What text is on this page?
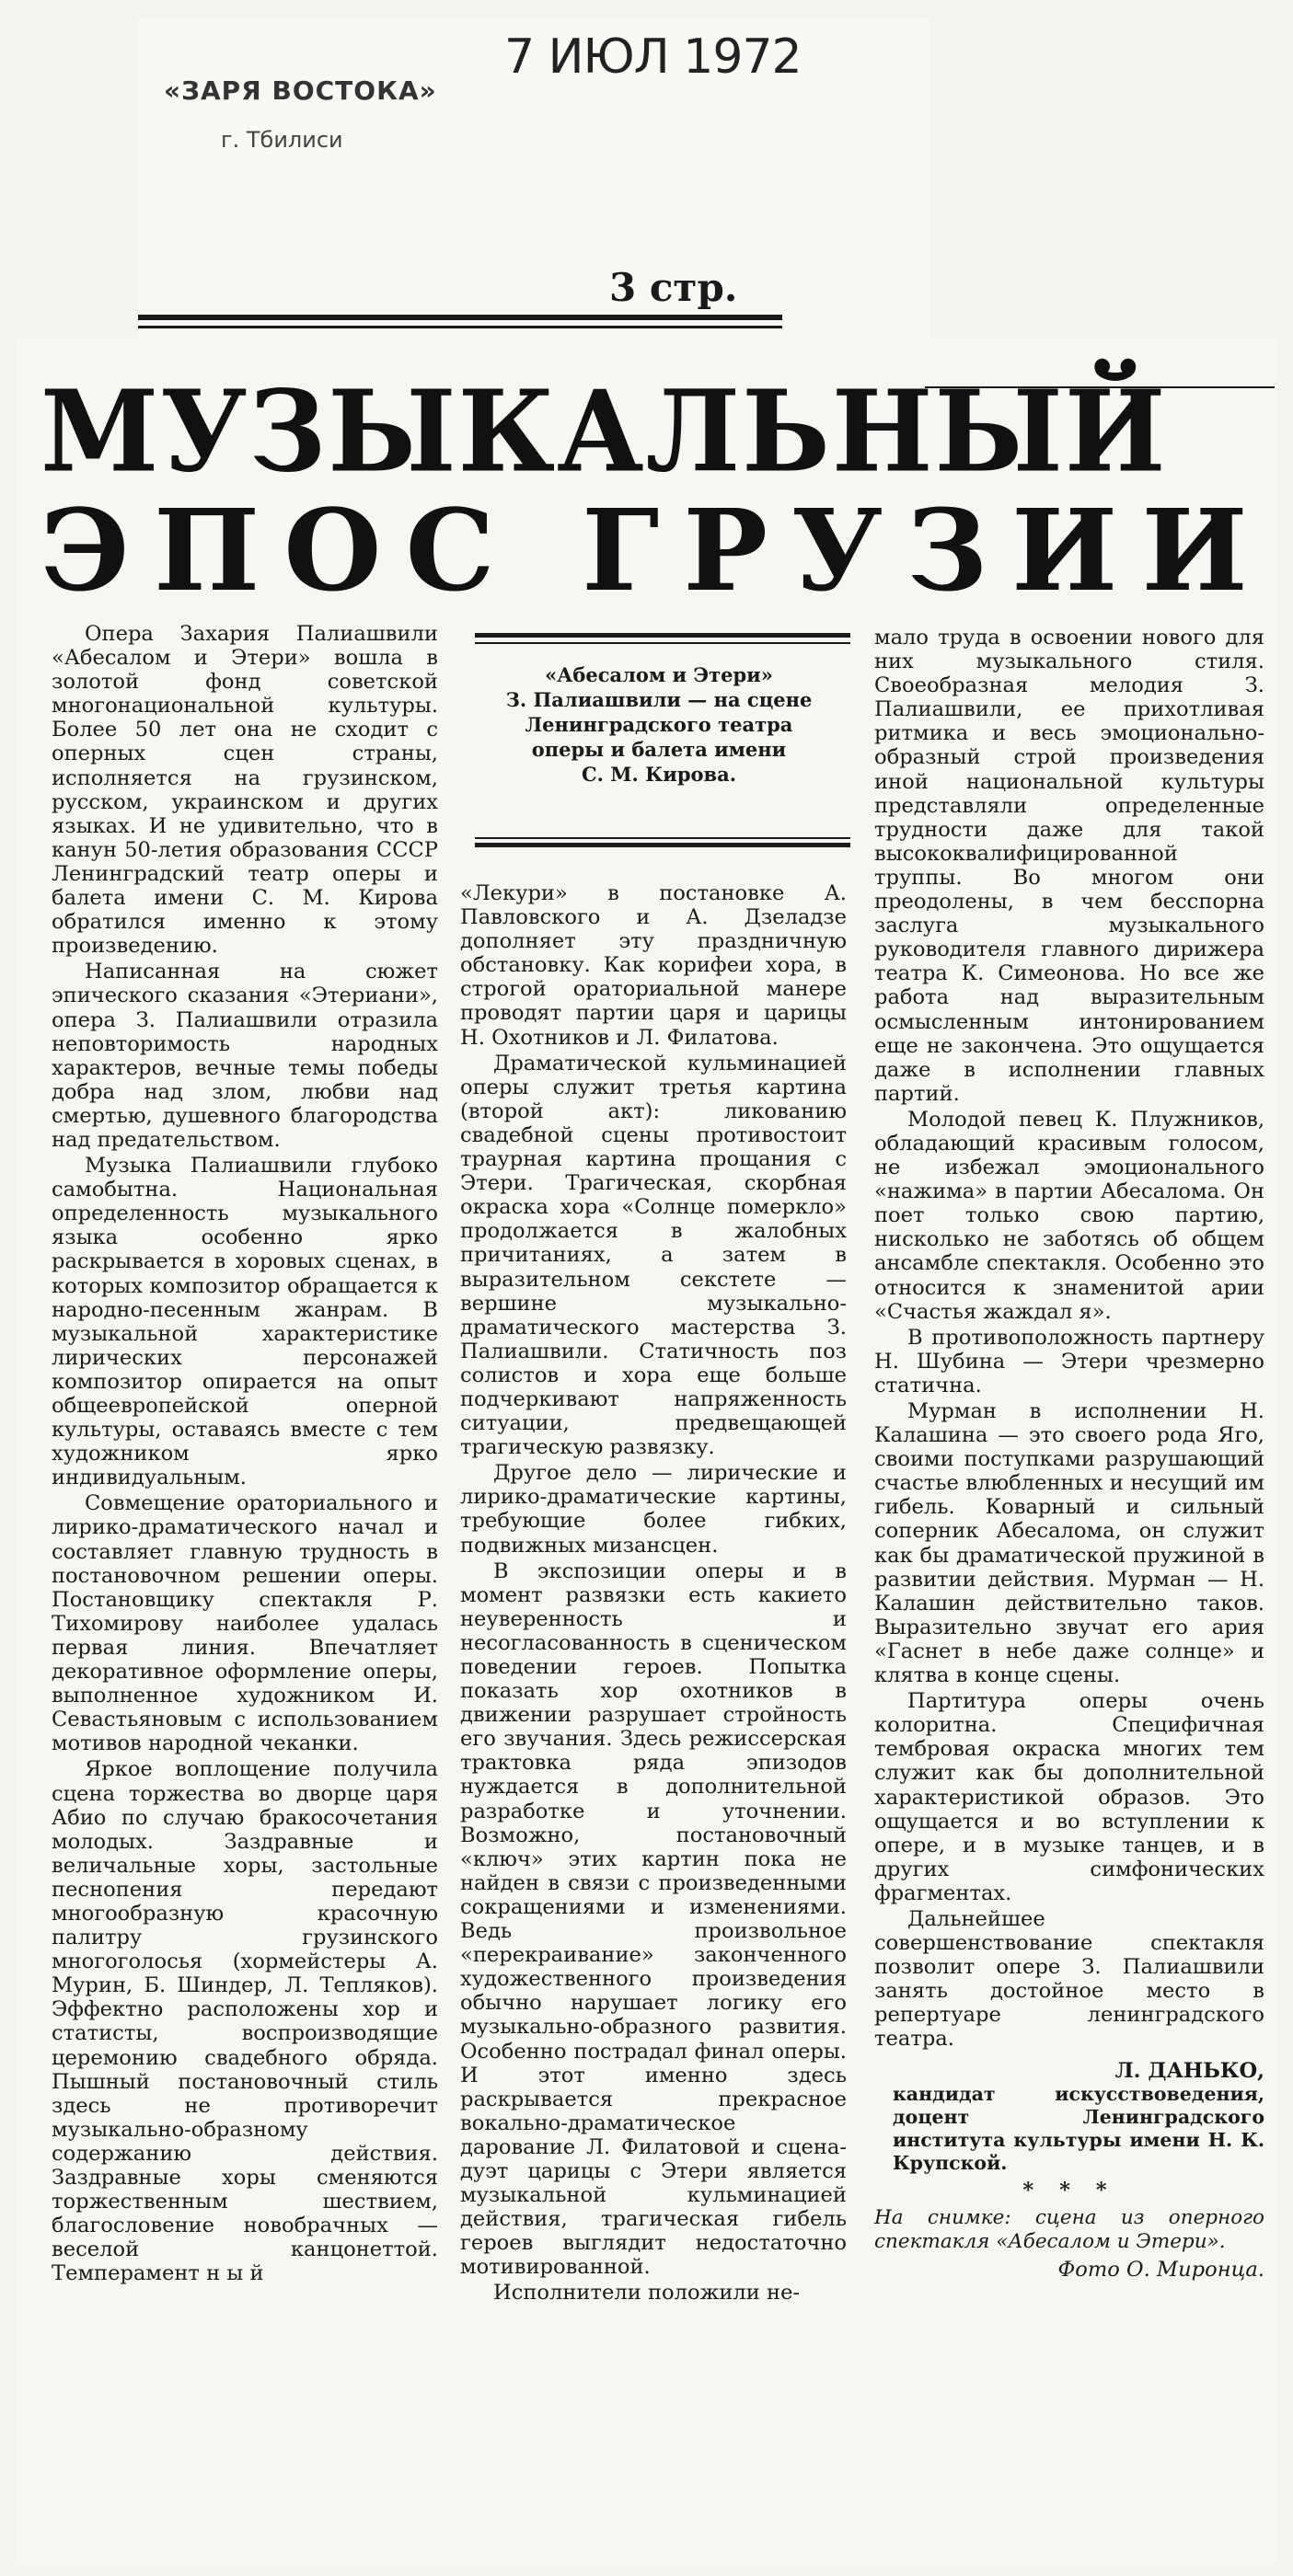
«ЗАРЯ ВОСТОКА»
г. Тбилиси
7 ИЮЛ 1972
3 стр.
МУЗЫКАЛЬНЫЙ
ЭПОС ГРУЗИИ

Опера Захария Палиашвили «Абесалом и Этери» вошла в золотой фонд советской многонациональной культуры. Более 50 лет она не сходит с оперных сцен страны, исполняется на грузинском, русском, украинском и других языках. И не удивительно, что в канун 50-летия образования СССР Ленинградский театр оперы и балета имени С. М. Кирова обратился именно к этому произведению.

Написанная на сюжет эпического сказания «Этериани», опера З. Палиашвили отразила неповторимость народных характеров, вечные темы победы добра над злом, любви над смертью, душевного благородства над предательством.

Музыка Палиашвили глубоко самобытна. Национальная определенность музыкального языка особенно ярко раскрывается в хоровых сценах, в которых композитор обращается к народно-песенным жанрам. В музыкальной характеристике лирических персонажей композитор опирается на опыт общеевропейской оперной культуры, оставаясь вместе с тем художником ярко индивидуальным.

Совмещение ораториального и лирико-драматического начал и составляет главную трудность в постановочном решении оперы. Постановщику спектакля Р. Тихомирову наиболее удалась первая линия. Впечатляет декоративное оформление оперы, выполненное художником И. Севастьяновым с использованием мотивов народной чеканки.

Яркое воплощение получила сцена торжества во дворце царя Абио по случаю бракосочетания молодых. Заздравные и величальные хоры, застольные песнопения передают многообразную красочную палитру грузинского многоголосья (хормейстеры А. Мурин, Б. Шиндер, Л. Тепляков). Эффектно расположены хор и статисты, воспроизводящие церемонию свадебного обряда. Пышный постановочный стиль здесь не противоречит музыкально-образному содержанию действия. Заздравные хоры сменяются торжественным шествием, благословение новобрачных — веселой канцонеттой. Темперамент н ы й

«Абесалом и Этери»
З. Палиашвили — на сцене
Ленинградского театра
оперы и балета имени
С. М. Кирова.

«Лекури» в постановке А. Павловского и А. Дзеладзе дополняет эту праздничную обстановку. Как корифеи хора, в строгой ораториальной манере проводят партии царя и царицы Н. Охотников и Л. Филатова.

Драматической кульминацией оперы служит третья картина (второй акт): ликованию свадебной сцены противостоит траурная картина прощания с Этери. Трагическая, скорбная окраска хора «Солнце померкло» продолжается в жалобных причитаниях, а затем в выразительном секстете — вершине музыкально-драматического мастерства З. Палиашвили. Статичность поз солистов и хора еще больше подчеркивают напряженность ситуации, предвещающей трагическую развязку.

Другое дело — лирические и лирико-драматические картины, требующие более гибких, подвижных мизансцен.

В экспозиции оперы и в момент развязки есть какието неуверенность и несогласованность в сценическом поведении героев. Попытка показать хор охотников в движении разрушает стройность его звучания. Здесь режиссерская трактовка ряда эпизодов нуждается в дополнительной разработке и уточнении. Возможно, постановочный «ключ» этих картин пока не найден в связи с произведенными сокращениями и изменениями. Ведь произвольное «перекраивание» законченного художественного произведения обычно нарушает логику его музыкально-образного развития. Особенно пострадал финал оперы. И этот именно здесь раскрывается прекрасное вокально-драматическое дарование Л. Филатовой и сцена-дуэт царицы с Этери является музыкальной кульминацией действия, трагическая гибель героев выглядит недостаточно мотивированной.

Исполнители положили не-

мало труда в освоении нового для них музыкального стиля. Своеобразная мелодия З. Палиашвили, ее прихотливая ритмика и весь эмоционально-образный строй произведения иной национальной культуры представляли определенные трудности даже для такой высококвалифицированной труппы. Во многом они преодолены, в чем бесспорна заслуга музыкального руководителя главного дирижера театра К. Симеонова. Но все же работа над выразительным осмысленным интонированием еще не закончена. Это ощущается даже в исполнении главных партий.

Молодой певец К. Плужников, обладающий красивым голосом, не избежал эмоционального «нажима» в партии Абесалома. Он поет только свою партию, нисколько не заботясь об общем ансамбле спектакля. Особенно это относится к знаменитой арии «Счастья жаждал я».

В противоположность партнеру Н. Шубина — Этери чрезмерно статична.

Мурман в исполнении Н. Калашина — это своего рода Яго, своими поступками разрушающий счастье влюбленных и несущий им гибель. Коварный и сильный соперник Абесалома, он служит как бы драматической пружиной в развитии действия. Мурман — Н. Калашин действительно таков. Выразительно звучат его ария «Гаснет в небе даже солнце» и клятва в конце сцены.

Партитура оперы очень колоритна. Специфичная тембровая окраска многих тем служит как бы дополнительной характеристикой образов. Это ощущается и во вступлении к опере, и в музыке танцев, и в других симфонических фрагментах.

Дальнейшее совершенствование спектакля позволит опере З. Палиашвили занять достойное место в репертуаре ленинградского театра.

Л. ДАНЬКО,

кандидат искусствоведения, доцент Ленинградского института культуры имени Н. К. Крупской.

* * *

На снимке: сцена из оперного спектакля «Абесалом и Этери».

Фото О. Миронца.
